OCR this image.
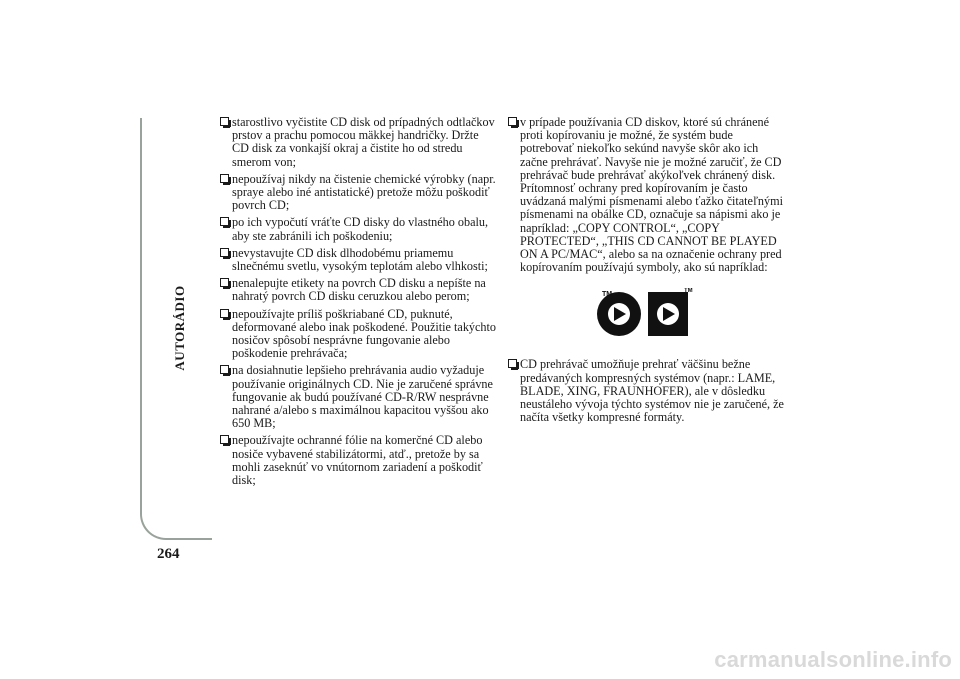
AUTORÁDIO
264
starostlivo vyčistite CD disk od prípadných odtlačkov prstov a prachu pomocou mäkkej handričky. Držte CD disk za vonkajší okraj a čistite ho od stredu smerom von;
nepoužívaj nikdy na čistenie chemické výrobky (napr. spraye alebo iné antistatické) pretože môžu poškodiť povrch CD;
po ich vypočutí vráťte CD disky do vlastného obalu, aby ste zabránili ich poškodeniu;
nevystavujte CD disk dlhodobému priamemu slnečnému svetlu, vysokým teplotám alebo vlhkosti;
nenalepujte etikety na povrch CD disku a nepíšte na nahratý povrch CD disku ceruzkou alebo perom;
nepoužívajte príliš poškriabané CD, puknuté, deformované alebo inak poškodené. Použitie takýchto nosičov spôsobí nesprávne fungovanie alebo poškodenie prehrávača;
na dosiahnutie lepšieho prehrávania audio vyžaduje používanie originálnych CD. Nie je zaručené správne fungovanie ak budú používané CD-R/RW nesprávne nahrané a/alebo s maximálnou kapacitou vyššou ako 650 MB;
nepoužívajte ochranné fólie na komerčné CD alebo nosiče vybavené stabilizátormi, atď., pretože by sa mohli zaseknúť vo vnútornom zariadení a poškodiť disk;
v prípade používania CD diskov, ktoré sú chránené proti kopírovaniu je možné, že systém bude potrebovať niekoľko sekúnd navyše skôr ako ich začne prehrávať. Navyše nie je možné zaručiť, že CD prehrávač bude prehrávať akýkoľvek chránený disk. Prítomnosť ochrany pred kopírovaním je často uvádzaná malými písmenami alebo ťažko čitateľnými písmenami na obálke CD, označuje sa nápismi ako je napríklad: „COPY CONTROL“, „COPY PROTECTED“, „THIS CD CANNOT BE PLAYED ON A PC/MAC“, alebo sa na označenie ochrany pred kopírovaním používajú symboly, ako sú napríklad:
TM	TM
CD prehrávač umožňuje prehrať väčšinu bežne predávaných kompresných systémov (napr.: LAME, BLADE, XING, FRAUNHOFER), ale v dôsledku neustáleho vývoja týchto systémov nie je zaručené, že načíta všetky kompresné formáty.
carmanualsonline.info
